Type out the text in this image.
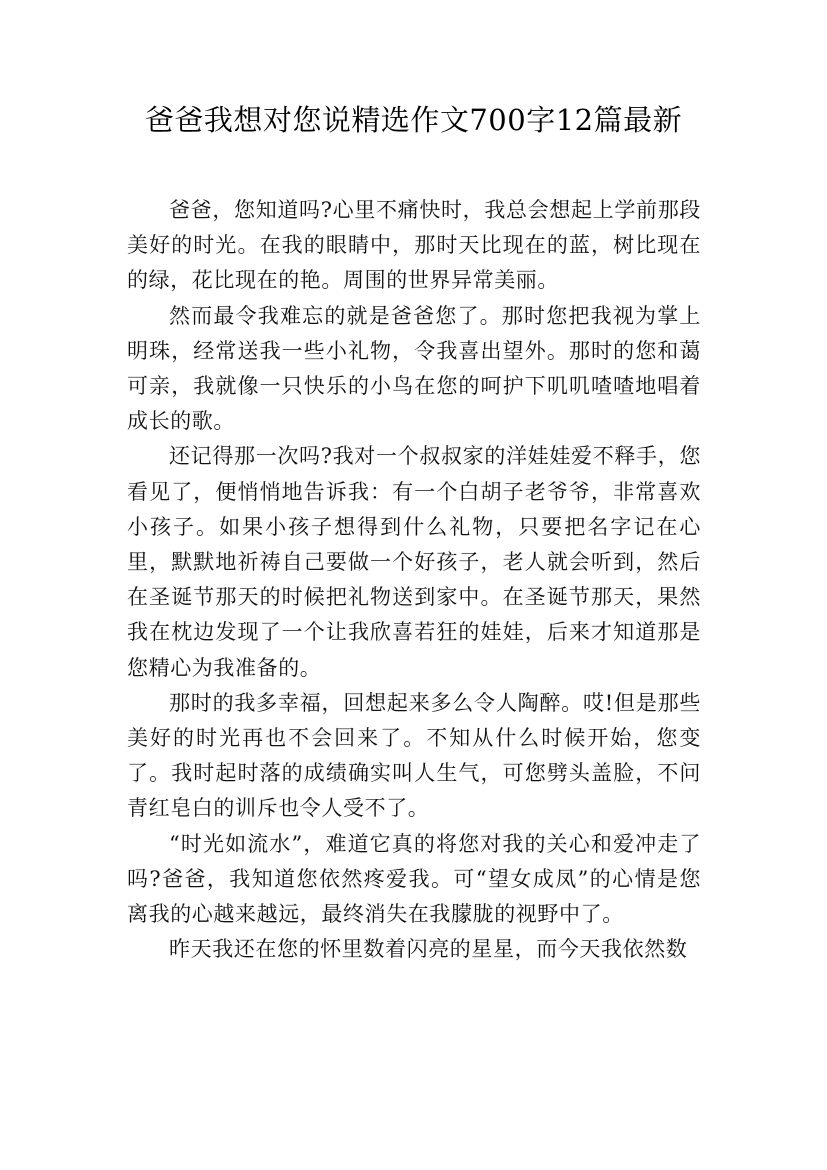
爸爸我想对您说精选作文700字12篇最新

爸爸，您知道吗?心里不痛快时，我总会想起上学前那段美好的时光。在我的眼睛中，那时天比现在的蓝，树比现在的绿，花比现在的艳。周围的世界异常美丽。

然而最令我难忘的就是爸爸您了。那时您把我视为掌上明珠，经常送我一些小礼物，令我喜出望外。那时的您和蔼可亲，我就像一只快乐的小鸟在您的呵护下叽叽喳喳地唱着成长的歌。

还记得那一次吗?我对一个叔叔家的洋娃娃爱不释手，您看见了，便悄悄地告诉我：有一个白胡子老爷爷，非常喜欢小孩子。如果小孩子想得到什么礼物，只要把名字记在心里，默默地祈祷自己要做一个好孩子，老人就会听到，然后在圣诞节那天的时候把礼物送到家中。在圣诞节那天，果然我在枕边发现了一个让我欣喜若狂的娃娃，后来才知道那是您精心为我准备的。

那时的我多幸福，回想起来多么令人陶醉。哎!但是那些美好的时光再也不会回来了。不知从什么时候开始，您变了。我时起时落的成绩确实叫人生气，可您劈头盖脸，不问青红皂白的训斥也令人受不了。

“时光如流水”，难道它真的将您对我的关心和爱冲走了吗?爸爸，我知道您依然疼爱我。可“望女成凤”的心情是您离我的心越来越远，最终消失在我朦胧的视野中了。

昨天我还在您的怀里数着闪亮的星星，而今天我依然数
